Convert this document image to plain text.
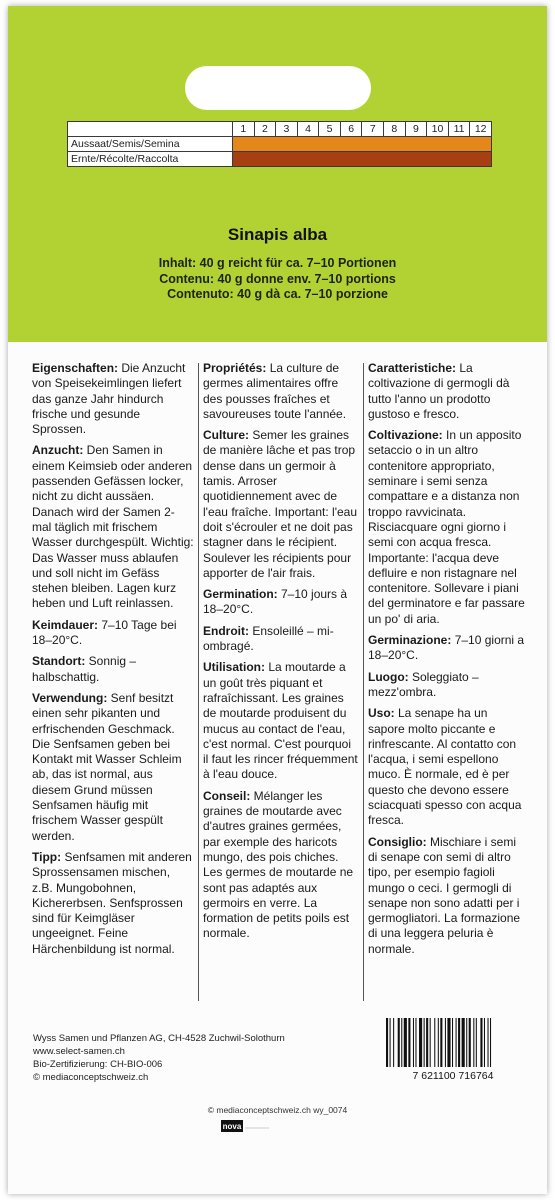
	1	2	3	4	5	6	7	8	9	10	11	12
Aussaat/Semis/Semina												
Ernte/Récolte/Raccolta												
Sinapis alba
Inhalt: 40 g reicht für ca. 7–10 Portionen
Contenu: 40 g donne env. 7–10 portions
Contenuto: 40 g dà ca. 7–10 porzione
Eigenschaften: Die Anzucht von Speisekeimlingen liefert das ganze Jahr hindurch frische und gesunde Sprossen.
Anzucht: Den Samen in einem Keimsieb oder anderen passenden Gefässen locker, nicht zu dicht aussäen. Danach wird der Samen 2-mal täglich mit frischem Wasser durchgespült. Wichtig: Das Wasser muss ablaufen und soll nicht im Gefäss stehen bleiben. Lagen kurz heben und Luft reinlassen.
Keimdauer: 7–10 Tage bei 18–20°C.
Standort: Sonnig – halbschattig.
Verwendung: Senf besitzt einen sehr pikanten und erfrischenden Geschmack. Die Senfsamen geben bei Kontakt mit Wasser Schleim ab, das ist normal, aus diesem Grund müssen Senfsamen häufig mit frischem Wasser gespült werden.
Tipp: Senfsamen mit anderen Sprossensamen mischen, z.B. Mungobohnen, Kichererbsen. Senfsprossen sind für Keimgläser ungeeignet. Feine Härchenbildung ist normal.
Propriétés: La culture de germes alimentaires offre des pousses fraîches et savoureuses toute l'année.
Culture: Semer les graines de manière lâche et pas trop dense dans un germoir à tamis. Arroser quotidiennement avec de l'eau fraîche. Important: l'eau doit s'écrouler et ne doit pas stagner dans le récipient. Soulever les récipients pour apporter de l'air frais.
Germination: 7–10 jours à 18–20°C.
Endroit: Ensoleillé – mi-ombragé.
Utilisation: La moutarde a un goût très piquant et rafraîchissant. Les graines de moutarde produisent du mucus au contact de l'eau, c'est normal. C'est pourquoi il faut les rincer fréquemment à l'eau douce.
Conseil: Mélanger les graines de moutarde avec d'autres graines germées, par exemple des haricots mungo, des pois chiches. Les germes de moutarde ne sont pas adaptés aux germoirs en verre. La formation de petits poils est normale.
Caratteristiche: La coltivazione di germogli dà tutto l'anno un prodotto gustoso e fresco.
Coltivazione: In un apposito setaccio o in un altro contenitore appropriato, seminare i semi senza compattare e a distanza non troppo ravvicinata. Risciacquare ogni giorno i semi con acqua fresca. Importante: l'acqua deve defluire e non ristagnare nel contenitore. Sollevare i piani del germinatore e far passare un po' di aria.
Germinazione: 7–10 giorni a 18–20°C.
Luogo: Soleggiato – mezz'ombra.
Uso: La senape ha un sapore molto piccante e rinfrescante. Al contatto con l'acqua, i semi espellono muco. È normale, ed è per questo che devono essere sciacquati spesso con acqua fresca.
Consiglio: Mischiare i semi di senape con semi di altro tipo, per esempio fagioli mungo o ceci. I germogli di senape non sono adatti per i germogliatori. La formazione di una leggera peluria è normale.
Wyss Samen und Pflanzen AG, CH-4528 Zuchwil-Solothurn
www.select-samen.ch
Bio-Zertifizierung: CH-BIO-006
© mediaconceptschweiz.ch	7 621100 716764
© mediaconceptschweiz.ch wy_0074
nova
